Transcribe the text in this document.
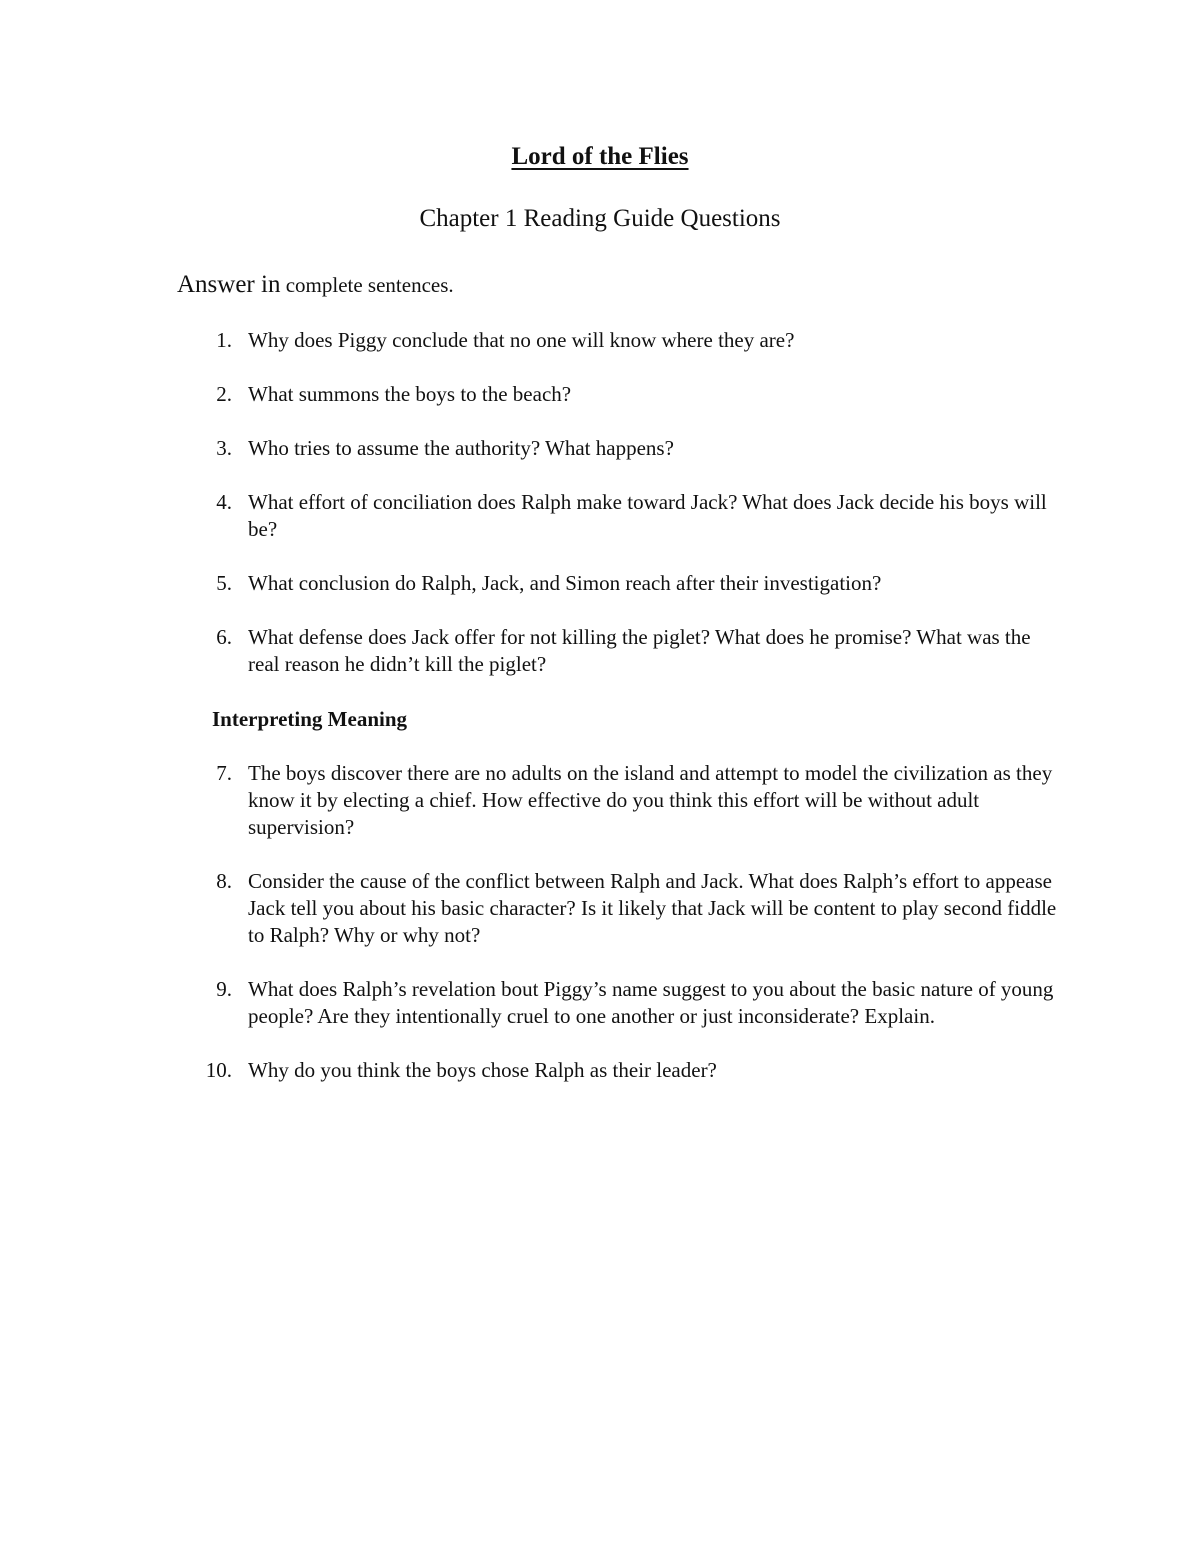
Lord of the Flies
Chapter 1 Reading Guide Questions
Answer in complete sentences.
1. Why does Piggy conclude that no one will know where they are?
2. What summons the boys to the beach?
3. Who tries to assume the authority? What happens?
4. What effort of conciliation does Ralph make toward Jack? What does Jack decide his boys will be?
5. What conclusion do Ralph, Jack, and Simon reach after their investigation?
6. What defense does Jack offer for not killing the piglet? What does he promise? What was the real reason he didn’t kill the piglet?
Interpreting Meaning
7. The boys discover there are no adults on the island and attempt to model the civilization as they know it by electing a chief. How effective do you think this effort will be without adult supervision?
8. Consider the cause of the conflict between Ralph and Jack. What does Ralph’s effort to appease Jack tell you about his basic character? Is it likely that Jack will be content to play second fiddle to Ralph? Why or why not?
9. What does Ralph’s revelation bout Piggy’s name suggest to you about the basic nature of young people? Are they intentionally cruel to one another or just inconsiderate? Explain.
10. Why do you think the boys chose Ralph as their leader?
